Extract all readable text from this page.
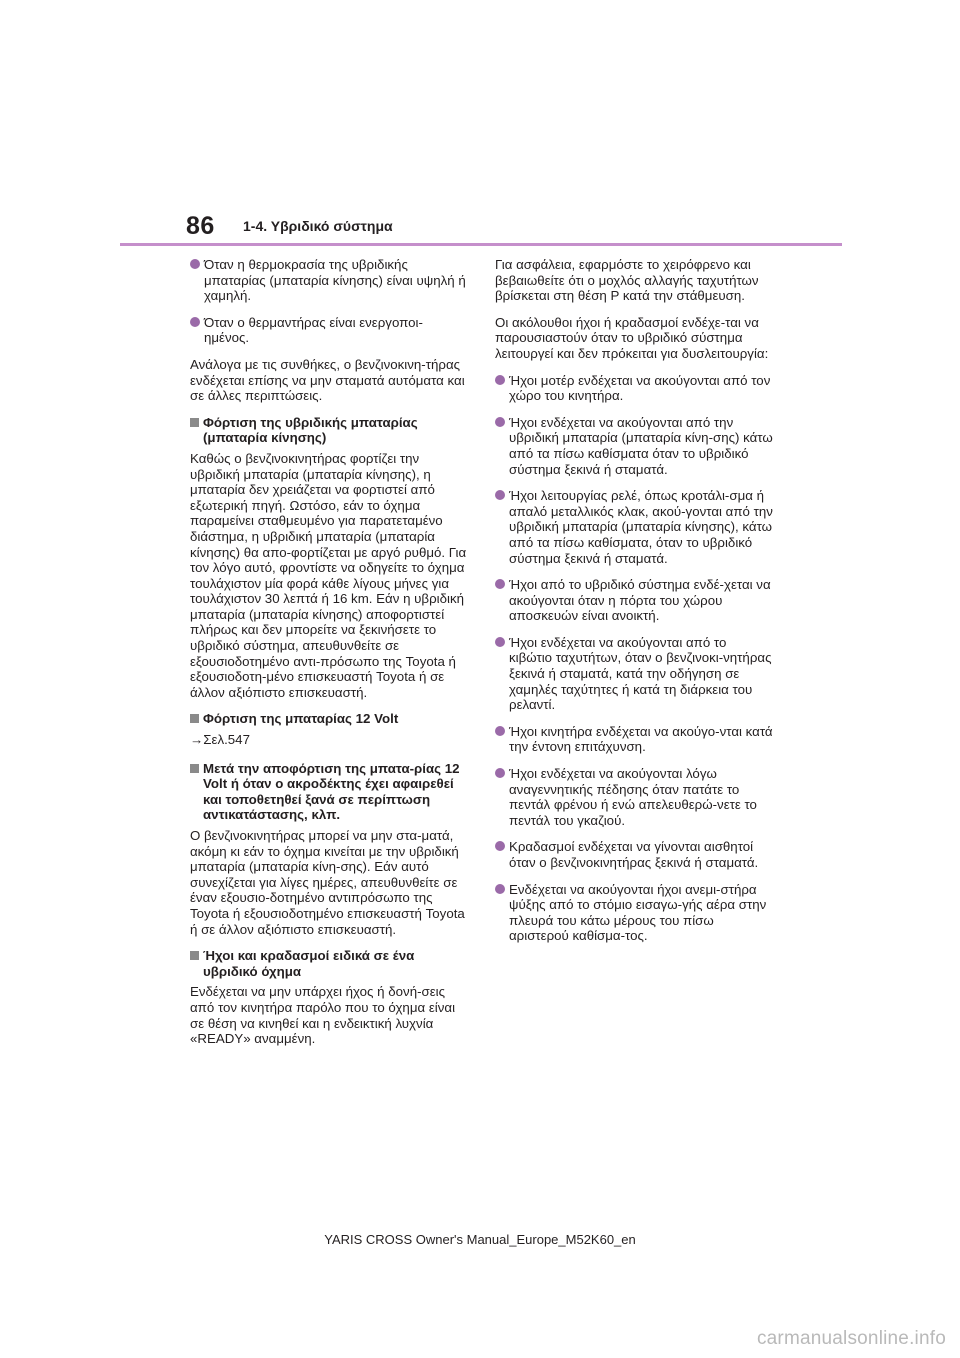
86 1-4. Υβριδικό σύστημα
Όταν η θερμοκρασία της υβριδικής μπαταρίας (μπαταρία κίνησης) είναι υψηλή ή χαμηλή.
Όταν ο θερμαντήρας είναι ενεργοποι-ημένος.

Ανάλογα με τις συνθήκες, ο βενζινοκινη-τήρας ενδέχεται επίσης να μην σταματά αυτόματα και σε άλλες περιπτώσεις.

Φόρτιση της υβριδικής μπαταρίας (μπαταρία κίνησης)

Καθώς ο βενζινοκινητήρας φορτίζει την υβριδική μπαταρία (μπαταρία κίνησης), η μπαταρία δεν χρειάζεται να φορτιστεί από εξωτερική πηγή. Ωστόσο, εάν το όχημα παραμείνει σταθμευμένο για παρατεταμένο διάστημα, η υβριδική μπαταρία (μπαταρία κίνησης) θα απο-φορτίζεται με αργό ρυθμό. Για τον λόγο αυτό, φροντίστε να οδηγείτε το όχημα τουλάχιστον μία φορά κάθε λίγους μήνες για τουλάχιστον 30 λεπτά ή 16 km. Εάν η υβριδική μπαταρία (μπαταρία κίνησης) αποφορτιστεί πλήρως και δεν μπορείτε να ξεκινήσετε το υβριδικό σύστημα, απευθυνθείτε σε εξουσιοδοτημένο αντι-πρόσωπο της Toyota ή εξουσιοδοτη-μένο επισκευαστή Toyota ή σε άλλον αξιόπιστο επισκευαστή.

Φόρτιση της μπαταρίας 12 Volt

→Σελ.547

Μετά την αποφόρτιση της μπατα-ρίας 12 Volt ή όταν ο ακροδέκτης έχει αφαιρεθεί και τοποθετηθεί ξανά σε περίπτωση αντικατάστασης, κλπ.

Ο βενζινοκινητήρας μπορεί να μην στα-ματά, ακόμη κι εάν το όχημα κινείται με την υβριδική μπαταρία (μπαταρία κίνη-σης). Εάν αυτό συνεχίζεται για λίγες ημέρες, απευθυνθείτε σε έναν εξουσιο-δοτημένο αντιπρόσωπο της Toyota ή εξουσιοδοτημένο επισκευαστή Toyota ή σε άλλον αξιόπιστο επισκευαστή.

Ήχοι και κραδασμοί ειδικά σε ένα υβριδικό όχημα

Ενδέχεται να μην υπάρχει ήχος ή δονή-σεις από τον κινητήρα παρόλο που το όχημα είναι σε θέση να κινηθεί και η ενδεικτική λυχνία «READY» αναμμένη.

Για ασφάλεια, εφαρμόστε το χειρόφρενο και βεβαιωθείτε ότι ο μοχλός αλλαγής ταχυτήτων βρίσκεται στη θέση P κατά την στάθμευση.

Οι ακόλουθοι ήχοι ή κραδασμοί ενδέχε-ται να παρουσιαστούν όταν το υβριδικό σύστημα λειτουργεί και δεν πρόκειται για δυσλειτουργία:

Ήχοι μοτέρ ενδέχεται να ακούγονται από τον χώρο του κινητήρα.
Ήχοι ενδέχεται να ακούγονται από την υβριδική μπαταρία (μπαταρία κίνη-σης) κάτω από τα πίσω καθίσματα όταν το υβριδικό σύστημα ξεκινά ή σταματά.
Ήχοι λειτουργίας ρελέ, όπως κροτάλι-σμα ή απαλό μεταλλικός κλακ, ακού-γονται από την υβριδική μπαταρία (μπαταρία κίνησης), κάτω από τα πίσω καθίσματα, όταν το υβριδικό σύστημα ξεκινά ή σταματά.
Ήχοι από το υβριδικό σύστημα ενδέ-χεται να ακούγονται όταν η πόρτα του χώρου αποσκευών είναι ανοικτή.
Ήχοι ενδέχεται να ακούγονται από το κιβώτιο ταχυτήτων, όταν ο βενζινοκι-νητήρας ξεκινά ή σταματά, κατά την οδήγηση σε χαμηλές ταχύτητες ή κατά τη διάρκεια του ρελαντί.
Ήχοι κινητήρα ενδέχεται να ακούγο-νται κατά την έντονη επιτάχυνση.
Ήχοι ενδέχεται να ακούγονται λόγω αναγεννητικής πέδησης όταν πατάτε το πεντάλ φρένου ή ενώ απελευθερώ-νετε το πεντάλ του γκαζιού.
Κραδασμοί ενδέχεται να γίνονται αισθητοί όταν ο βενζινοκινητήρας ξεκινά ή σταματά.
Ενδέχεται να ακούγονται ήχοι ανεμι-στήρα ψύξης από το στόμιο εισαγω-γής αέρα στην πλευρά του κάτω μέρους του πίσω αριστερού καθίσμα-τος.
YARIS CROSS Owner's Manual_Europe_M52K60_en
carmanualsonline.info
